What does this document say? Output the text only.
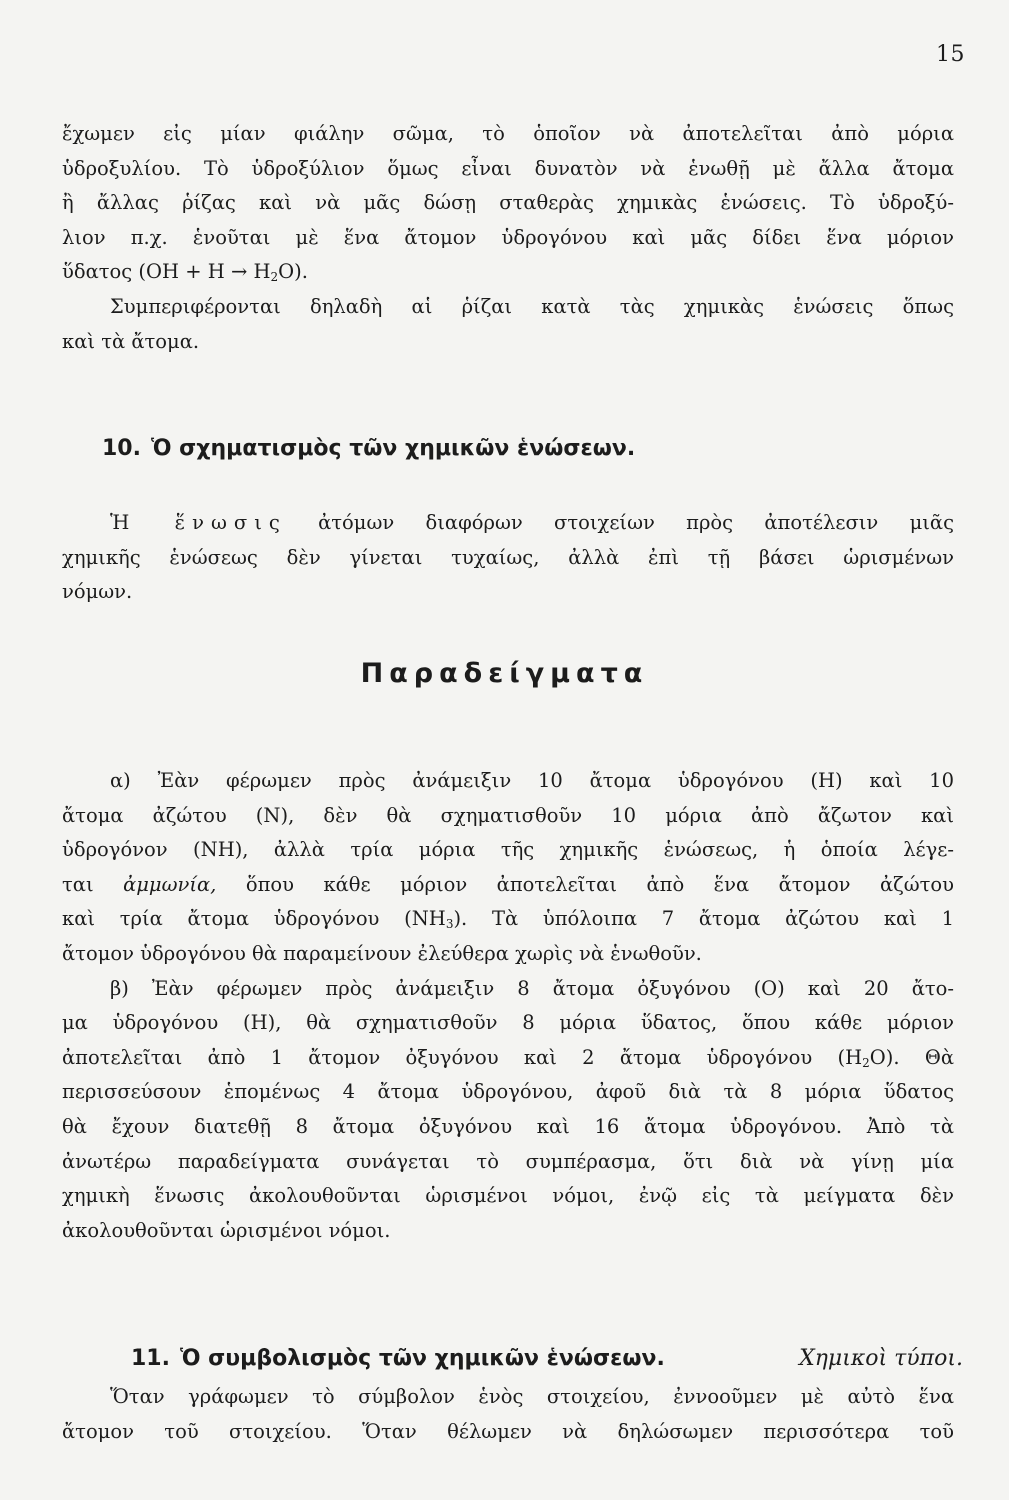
15
ἔχωμεν εἰς μίαν φιάλην σῶμα, τὸ ὁποῖον νὰ ἀποτελεῖται ἀπὸ μόρια
ὑδροξυλίου. Τὸ ὑδροξύλιον ὅμως εἶναι δυνατὸν νὰ ἑνωθῇ μὲ ἄλλα ἄτομα
ἢ ἄλλας ῥίζας καὶ νὰ μᾶς δώσῃ σταθερὰς χημικὰς ἑνώσεις. Τὸ ὑδροξύ-
λιον π.χ. ἑνοῦται μὲ ἕνα ἄτομον ὑδρογόνου καὶ μᾶς δίδει ἕνα μόριον
ὕδατος $(OH + H \to H_2O)$.
Συμπεριφέρονται δηλαδὴ αἱ ῥίζαι κατὰ τὰς χημικὰς ἑνώσεις ὅπως
καὶ τὰ ἄτομα.
10. Ὁ σχηματισμὸς τῶν χημικῶν ἑνώσεων.
Ἡ ἕνωσις ἀτόμων διαφόρων στοιχείων πρὸς ἀποτέλεσιν μιᾶς
χημικῆς ἑνώσεως δὲν γίνεται τυχαίως, ἀλλὰ ἐπὶ τῇ βάσει ὡρισμένων
νόμων.
Παραδείγματα
α) Ἐὰν φέρωμεν πρὸς ἀνάμειξιν 10 ἄτομα ὑδρογόνου (H) καὶ 10
ἄτομα ἀζώτου (N), δὲν θὰ σχηματισθοῦν 10 μόρια ἀπὸ ἄζωτον καὶ
ὑδρογόνον (NH), ἀλλὰ τρία μόρια τῆς χημικῆς ἑνώσεως, ἡ ὁποία λέγε-
ται ἀμμωνία, ὅπου κάθε μόριον ἀποτελεῖται ἀπὸ ἕνα ἄτομον ἀζώτου
καὶ τρία ἄτομα ὑδρογόνου $(NH_3)$. Τὰ ὑπόλοιπα 7 ἄτομα ἀζώτου καὶ 1
ἄτομον ὑδρογόνου θὰ παραμείνουν ἐλεύθερα χωρὶς νὰ ἑνωθοῦν.
β) Ἐὰν φέρωμεν πρὸς ἀνάμειξιν 8 ἄτομα ὀξυγόνου (O) καὶ 20 ἄτο-
μα ὑδρογόνου (H), θὰ σχηματισθοῦν 8 μόρια ὕδατος, ὅπου κάθε μόριον
ἀποτελεῖται ἀπὸ 1 ἄτομον ὀξυγόνου καὶ 2 ἄτομα ὑδρογόνου $(H_2O)$. Θὰ
περισσεύσουν ἑπομένως 4 ἄτομα ὑδρογόνου, ἀφοῦ διὰ τὰ 8 μόρια ὕδατος
θὰ ἔχουν διατεθῇ 8 ἄτομα ὀξυγόνου καὶ 16 ἄτομα ὑδρογόνου. Ἀπὸ τὰ
ἀνωτέρω παραδείγματα συνάγεται τὸ συμπέρασμα, ὅτι διὰ νὰ γίνῃ μία
χημικὴ ἕνωσις ἀκολουθοῦνται ὡρισμένοι νόμοι, ἐνῷ εἰς τὰ μείγματα δὲν
ἀκολουθοῦνται ὡρισμένοι νόμοι.
11. Ὁ συμβολισμὸς τῶν χημικῶν ἑνώσεων.	Χημικοὶ τύποι.
Ὅταν γράφωμεν τὸ σύμβολον ἑνὸς στοιχείου, ἐννοοῦμεν μὲ αὐτὸ ἕνα
ἄτομον τοῦ στοιχείου. Ὅταν θέλωμεν νὰ δηλώσωμεν περισσότερα τοῦ
